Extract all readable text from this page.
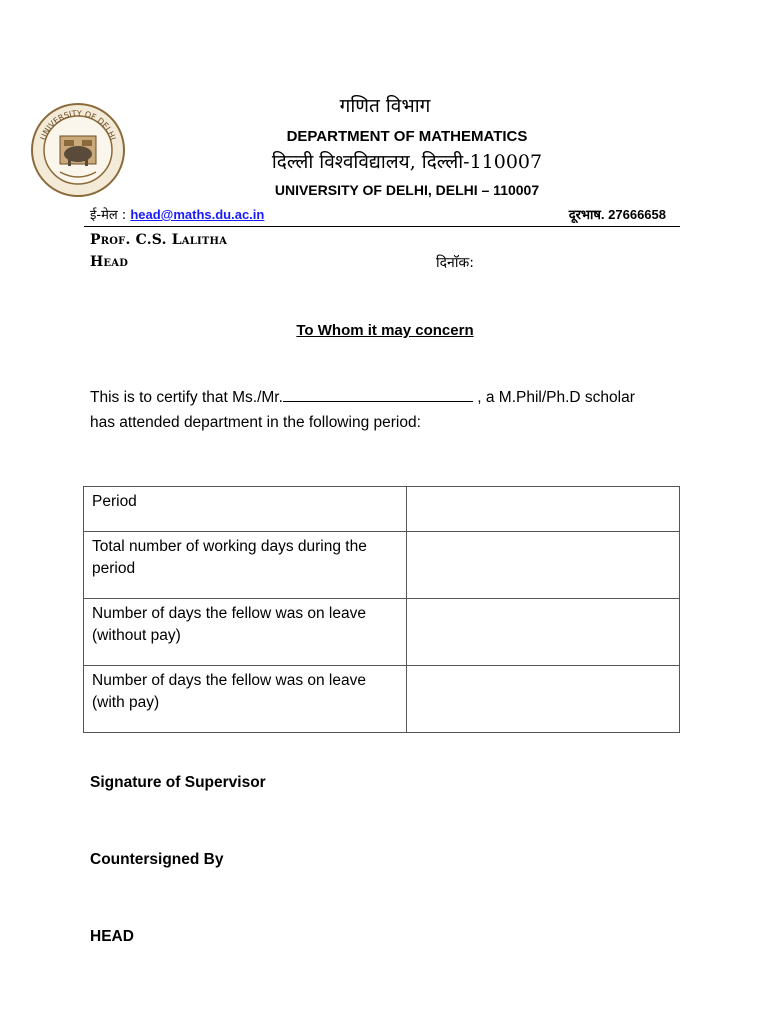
UNIVERSITY OF DELHI
गणित विभाग
DEPARTMENT OF MATHEMATICS
दिल्ली विश्वविद्यालय, दिल्ली-110007
UNIVERSITY OF DELHI, DELHI – 110007
ई-मेल : head@maths.du.ac.in	दूरभाष. 27666658
Prof. C.S. Lalitha
Head	दिनाॅक:
To Whom it may concern
This is to certify that Ms./Mr.	, a M.Phil/Ph.D scholar
has attended department in the following period:
Period	
Total number of working days during the period	
Number of days the fellow was on leave (without pay)	
Number of days the fellow was on leave (with pay)	
Signature of Supervisor
Countersigned By
HEAD
